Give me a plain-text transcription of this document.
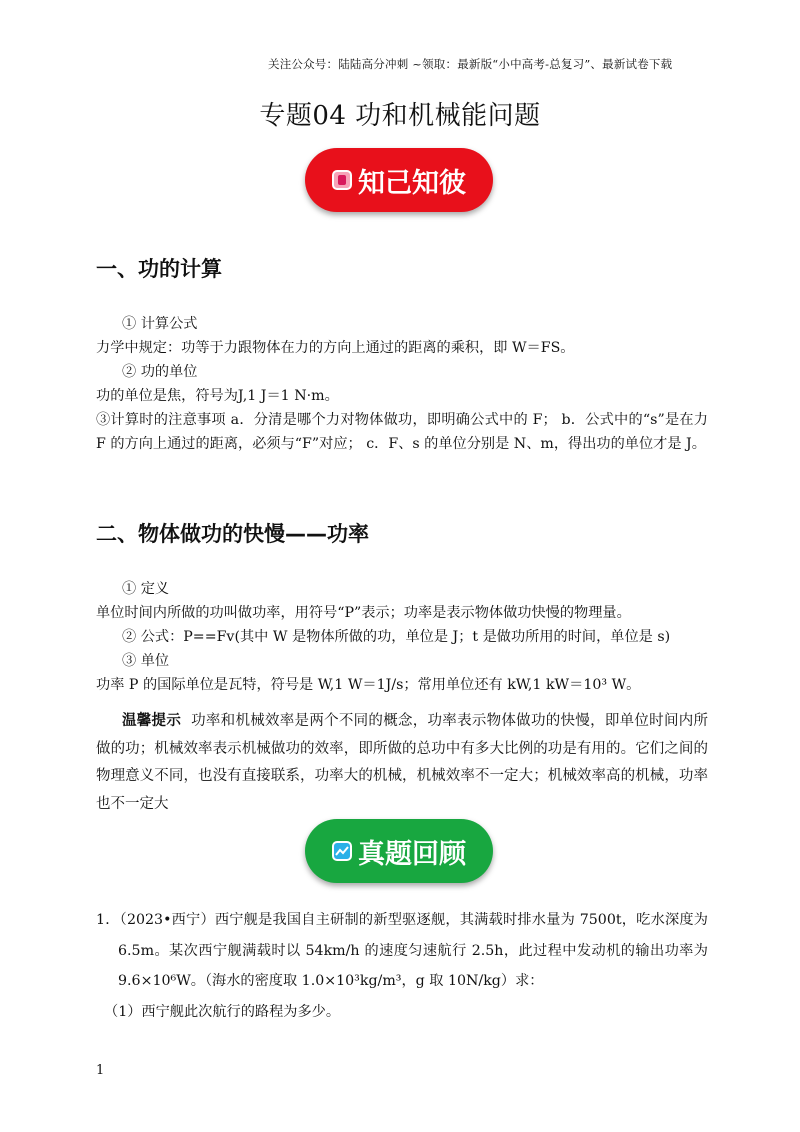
关注公众号：陆陆高分冲刺 ~领取：最新版“小中高考-总复习”、最新试卷下载
专题04 功和机械能问题
知己知彼
一、功的计算
① 计算公式
力学中规定：功等于力跟物体在力的方向上通过的距离的乘积，即 W＝FS。
② 功的单位
功的单位是焦，符号为J,1 J＝1 N·m。
③计算时的注意事项 a．分清是哪个力对物体做功，即明确公式中的 F； b．公式中的“s”是在力 F 的方向上通过的距离，必须与“F”对应； c．F、s 的单位分别是 N、m，得出功的单位才是 J。
二、物体做功的快慢——功率
① 定义
单位时间内所做的功叫做功率，用符号“P”表示；功率是表示物体做功快慢的物理量。
② 公式：P==Fv(其中 W 是物体所做的功，单位是 J；t 是做功所用的时间，单位是 s)
③ 单位
功率 P 的国际单位是瓦特，符号是 W,1 W＝1J/s；常用单位还有 kW,1 kW＝10³ W。
温馨提示 功率和机械效率是两个不同的概念，功率表示物体做功的快慢，即单位时间内所做的功；机械效率表示机械做功的效率，即所做的总功中有多大比例的功是有用的。它们之间的物理意义不同，也没有直接联系，功率大的机械，机械效率不一定大；机械效率高的机械，功率也不一定大
真题回顾

1．（2023•西宁）西宁舰是我国自主研制的新型驱逐舰，其满载时排水量为 7500t，吃水深度为 6.5m。某次西宁舰满载时以 54km/h 的速度匀速航行 2.5h，此过程中发动机的输出功率为 9.6×10⁶W。（海水的密度取 1.0×10³kg/m³，g 取 10N/kg）求：

（1）西宁舰此次航行的路程为多少。

1
